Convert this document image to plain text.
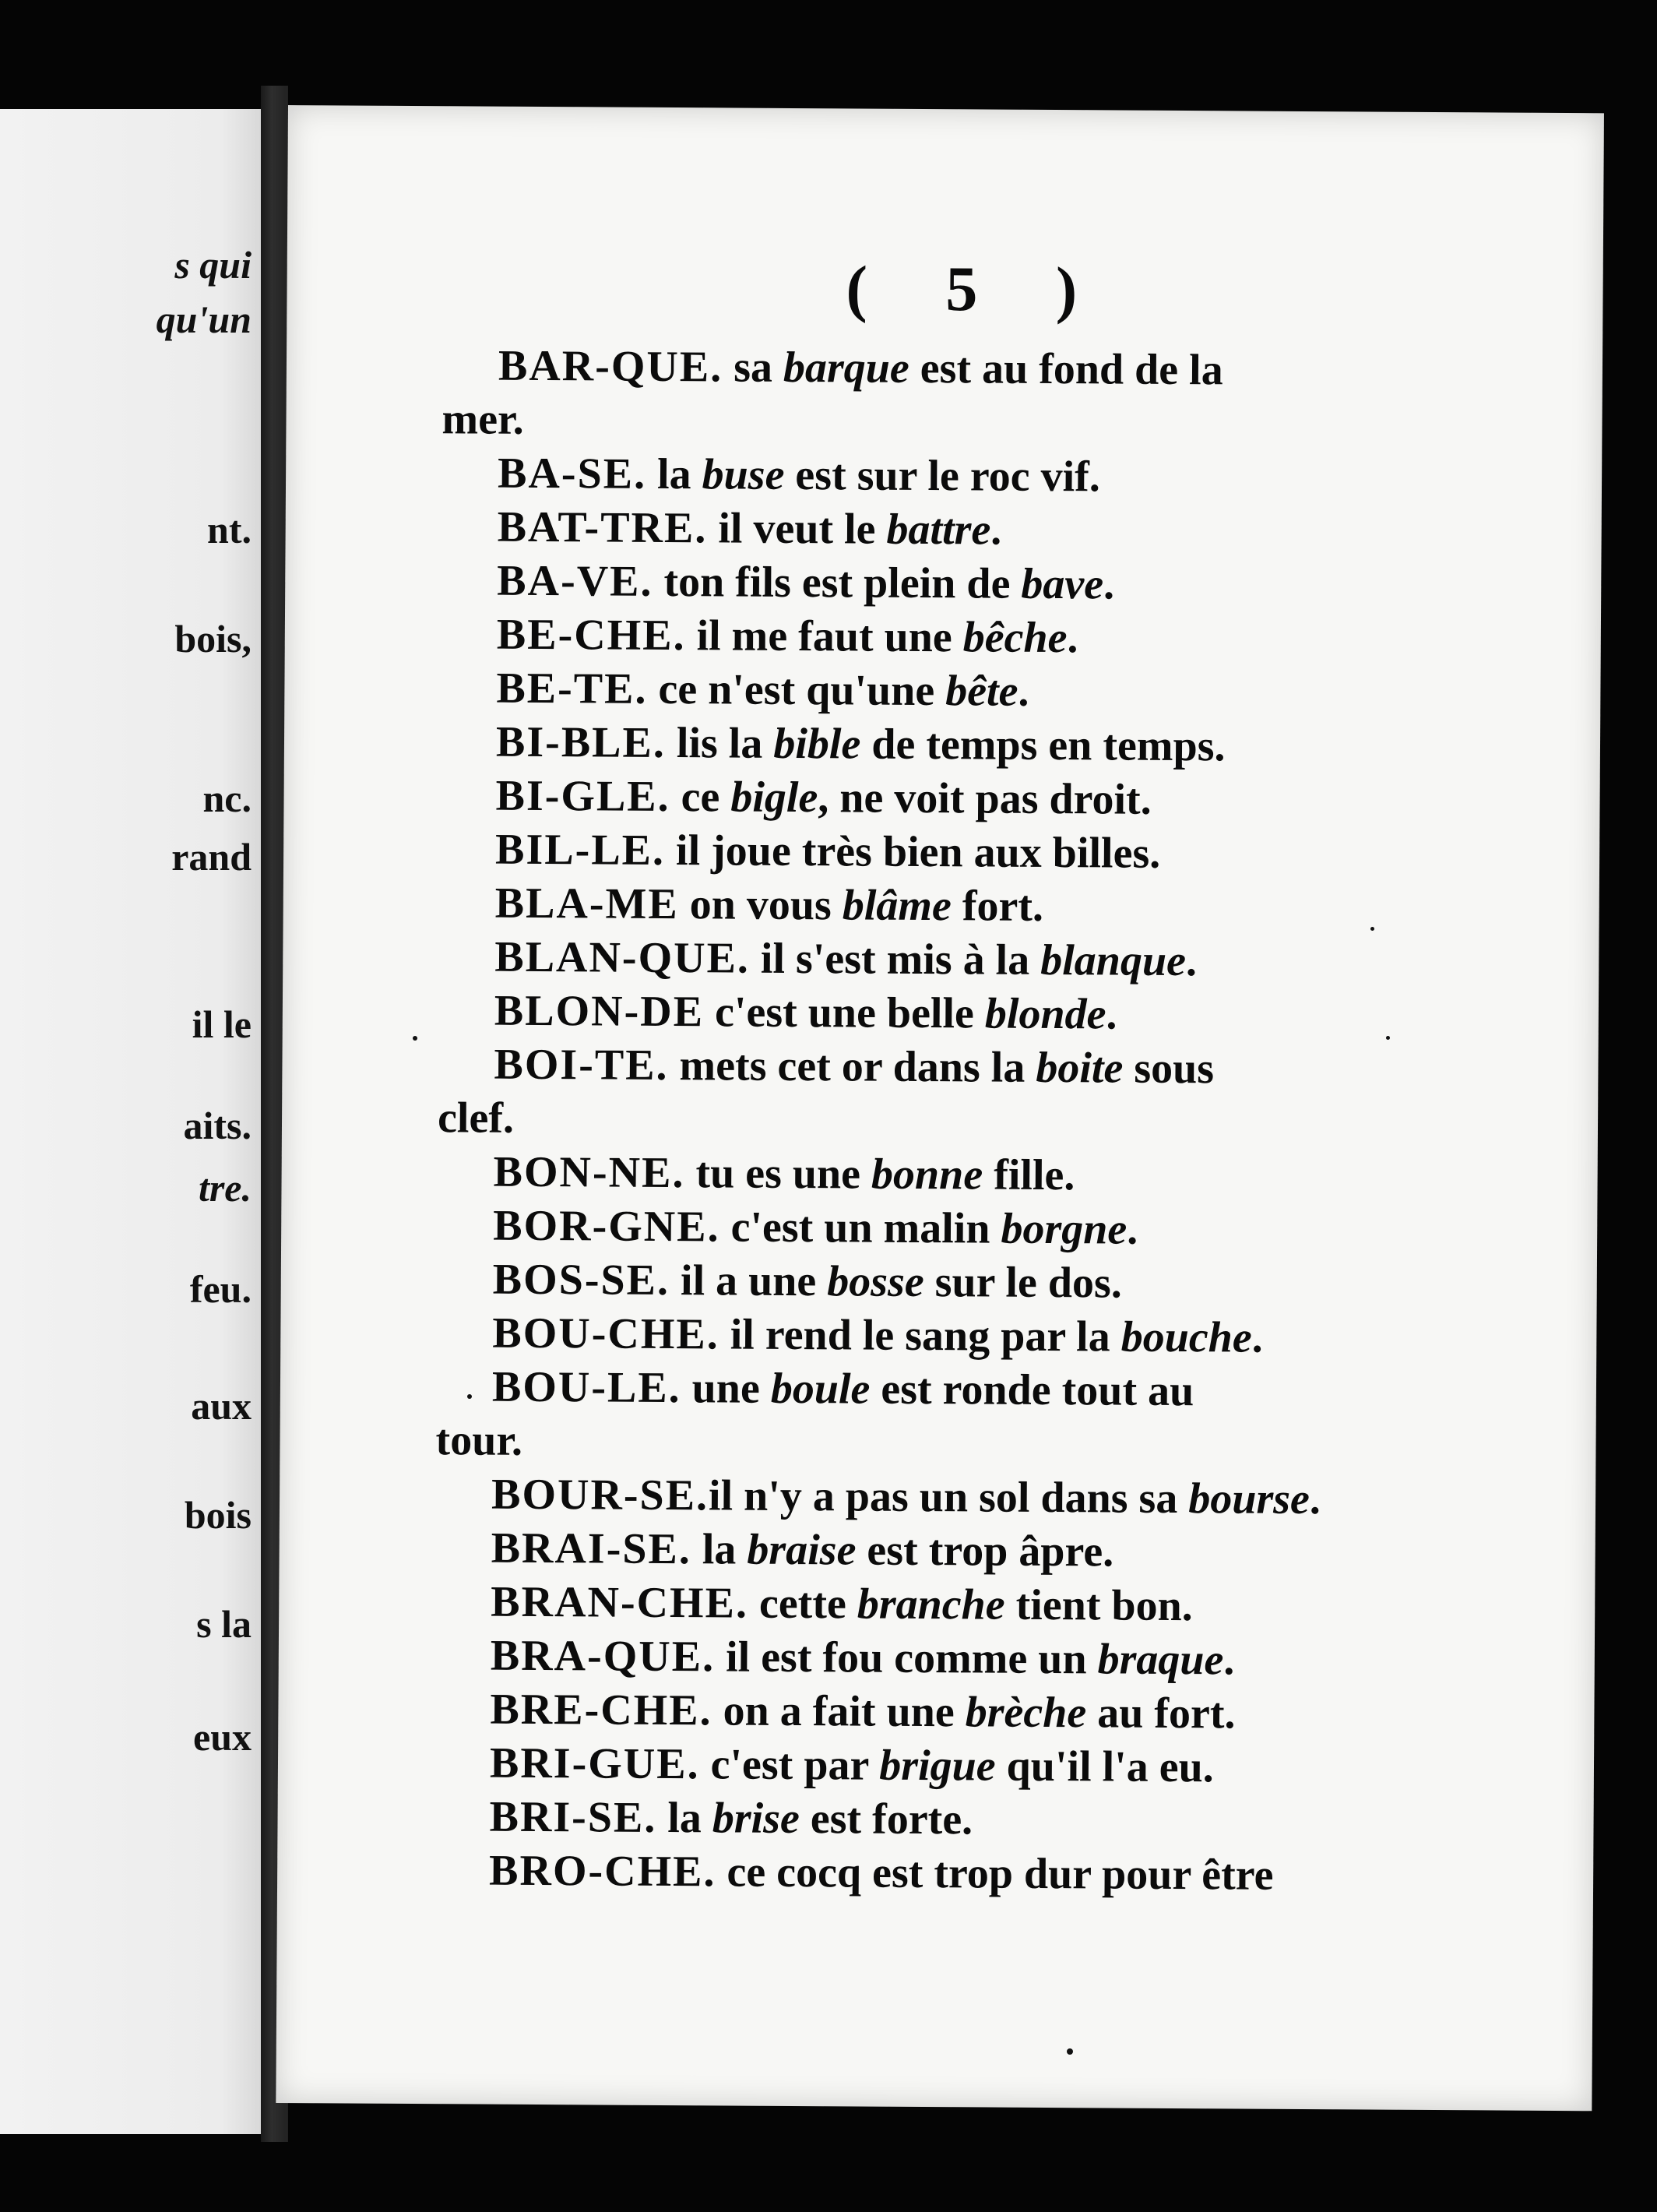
s qui
qu'un
nt.
bois,
nc.
rand
il le
aits.
tre.
feu.
aux
bois
s la
eux
( 5 )
BAR-QUE. sa barque est au fond de la
mer.
BA-SE. la buse est sur le roc vif.
BAT-TRE. il veut le battre.
BA-VE. ton fils est plein de bave.
BE-CHE. il me faut une bêche.
BE-TE. ce n'est qu'une bête.
BI-BLE. lis la bible de temps en temps.
BI-GLE. ce bigle, ne voit pas droit.
BIL-LE. il joue très bien aux billes.
BLA-ME on vous blâme fort.
BLAN-QUE. il s'est mis à la blanque.
BLON-DE c'est une belle blonde.
BOI-TE. mets cet or dans la boite sous
clef.
BON-NE. tu es une bonne fille.
BOR-GNE. c'est un malin borgne.
BOS-SE. il a une bosse sur le dos.
BOU-CHE. il rend le sang par la bouche.
BOU-LE. une boule est ronde tout au
tour.
BOUR-SE.il n'y a pas un sol dans sa bourse.
BRAI-SE. la braise est trop âpre.
BRAN-CHE. cette branche tient bon.
BRA-QUE. il est fou comme un braque.
BRE-CHE. on a fait une brèche au fort.
BRI-GUE. c'est par brigue qu'il l'a eu.
BRI-SE. la brise est forte.
BRO-CHE. ce cocq est trop dur pour être
